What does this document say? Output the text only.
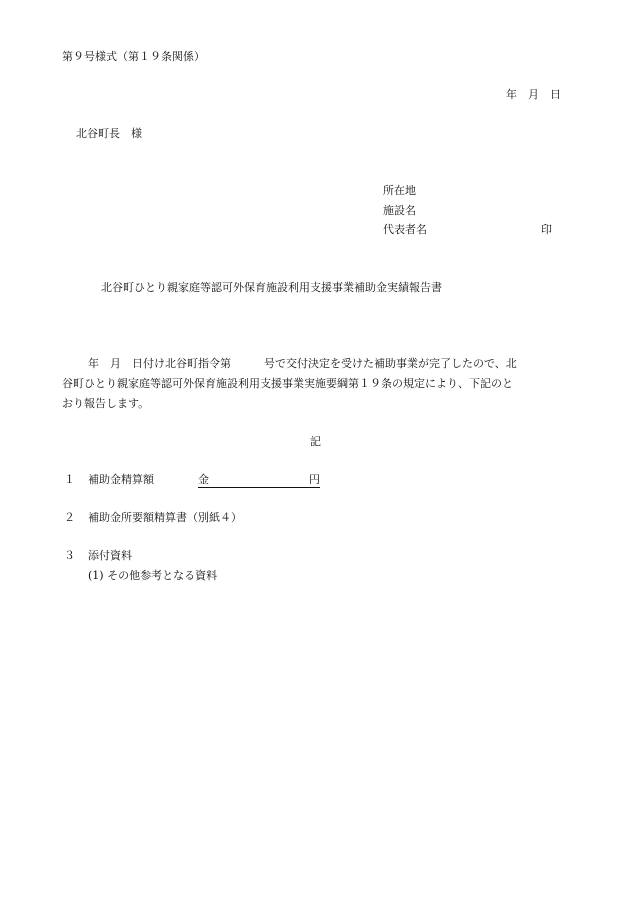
第９号様式（第１９条関係）
年　月　日
北谷町長　様
所在地
施設名
代表者名	印
北谷町ひとり親家庭等認可外保育施設利用支援事業補助金実績報告書
年　月　日付け北谷町指令第　　　号で交付決定を受けた補助事業が完了したので、北
谷町ひとり親家庭等認可外保育施設利用支援事業実施要綱第１９条の規定により、下記のと
おり報告します。
記
１ 補助金精算額	金	円
２ 補助金所要額精算書（別紙４）
３ 添付資料
(1) その他参考となる資料
